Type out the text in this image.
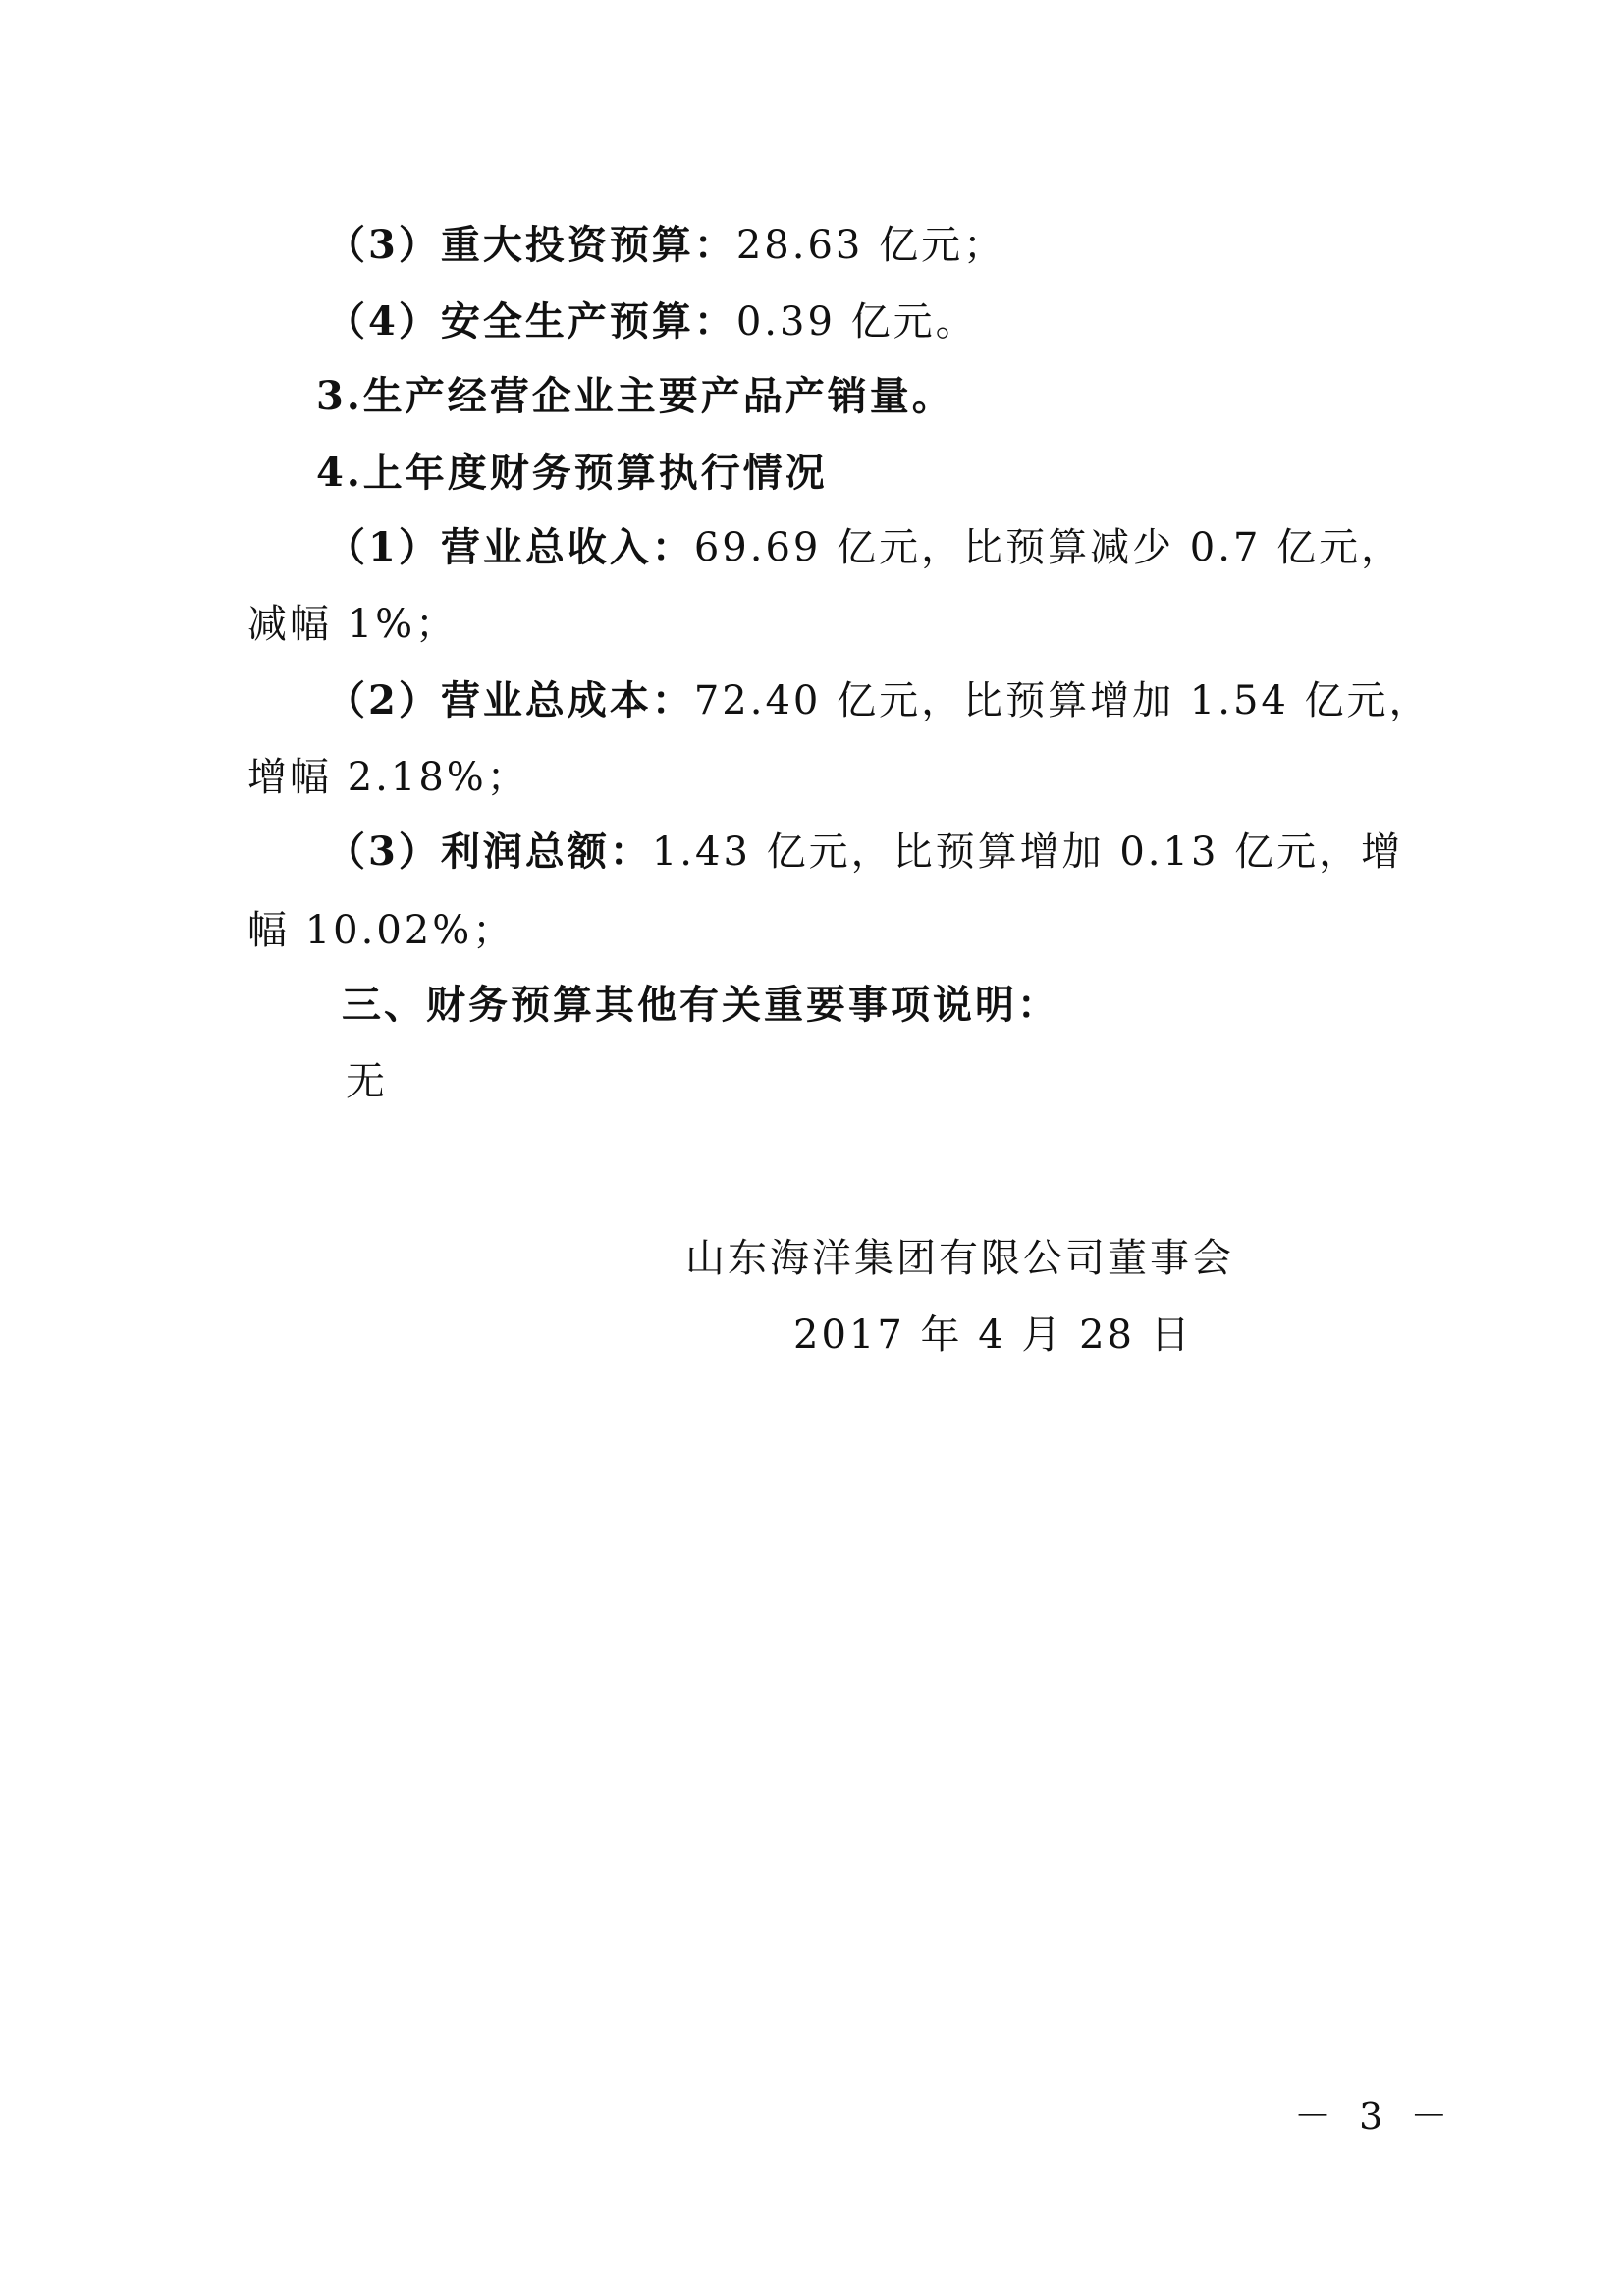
（3）重大投资预算：28.63 亿元；
（4）安全生产预算：0.39 亿元。
3.生产经营企业主要产品产销量。
4.上年度财务预算执行情况
（1）营业总收入：69.69 亿元，比预算减少 0.7 亿元，
减幅 1%；
（2）营业总成本：72.40 亿元，比预算增加 1.54 亿元，
增幅 2.18%；
（3）利润总额：1.43 亿元，比预算增加 0.13 亿元，增
幅 10.02%；
三、财务预算其他有关重要事项说明：
无
山东海洋集团有限公司董事会
2017 年 4 月 28 日
－ 3 －
